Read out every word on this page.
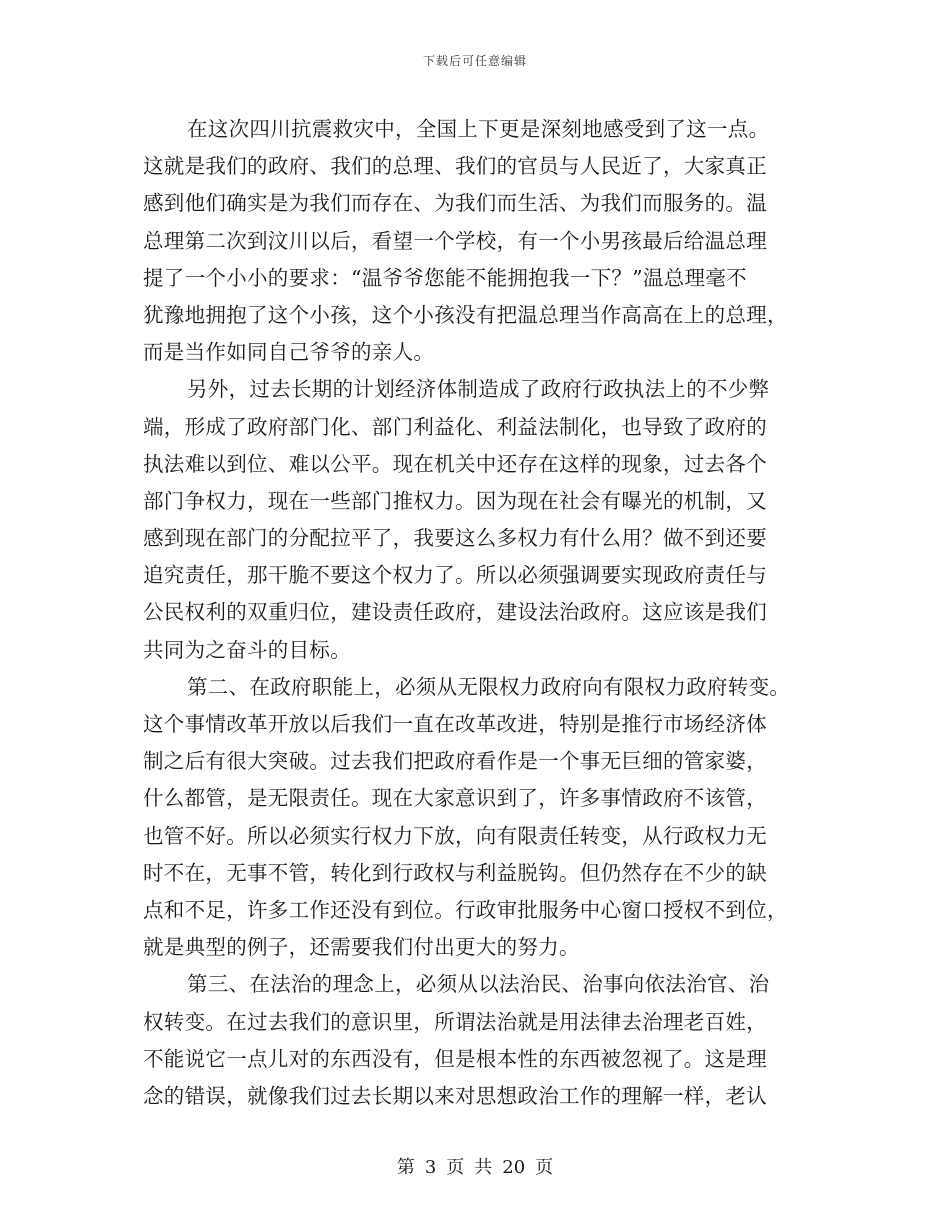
下载后可任意编辑
在这次四川抗震救灾中，全国上下更是深刻地感受到了这一点。
这就是我们的政府、我们的总理、我们的官员与人民近了，大家真正
感到他们确实是为我们而存在、为我们而生活、为我们而服务的。温
总理第二次到汶川以后，看望一个学校，有一个小男孩最后给温总理
提了一个小小的要求：“温爷爷您能不能拥抱我一下？”温总理毫不
犹豫地拥抱了这个小孩，这个小孩没有把温总理当作高高在上的总理，
而是当作如同自己爷爷的亲人。
另外，过去长期的计划经济体制造成了政府行政执法上的不少弊
端，形成了政府部门化、部门利益化、利益法制化，也导致了政府的
执法难以到位、难以公平。现在机关中还存在这样的现象，过去各个
部门争权力，现在一些部门推权力。因为现在社会有曝光的机制，又
感到现在部门的分配拉平了，我要这么多权力有什么用？做不到还要
追究责任，那干脆不要这个权力了。所以必须强调要实现政府责任与
公民权利的双重归位，建设责任政府，建设法治政府。这应该是我们
共同为之奋斗的目标。
第二、在政府职能上，必须从无限权力政府向有限权力政府转变。
这个事情改革开放以后我们一直在改革改进，特别是推行市场经济体
制之后有很大突破。过去我们把政府看作是一个事无巨细的管家婆，
什么都管，是无限责任。现在大家意识到了，许多事情政府不该管，
也管不好。所以必须实行权力下放，向有限责任转变，从行政权力无
时不在，无事不管，转化到行政权与利益脱钩。但仍然存在不少的缺
点和不足，许多工作还没有到位。行政审批服务中心窗口授权不到位，
就是典型的例子，还需要我们付出更大的努力。
第三、在法治的理念上，必须从以法治民、治事向依法治官、治
权转变。在过去我们的意识里，所谓法治就是用法律去治理老百姓，
不能说它一点儿对的东西没有，但是根本性的东西被忽视了。这是理
念的错误，就像我们过去长期以来对思想政治工作的理解一样，老认
第 3 页 共 20 页
